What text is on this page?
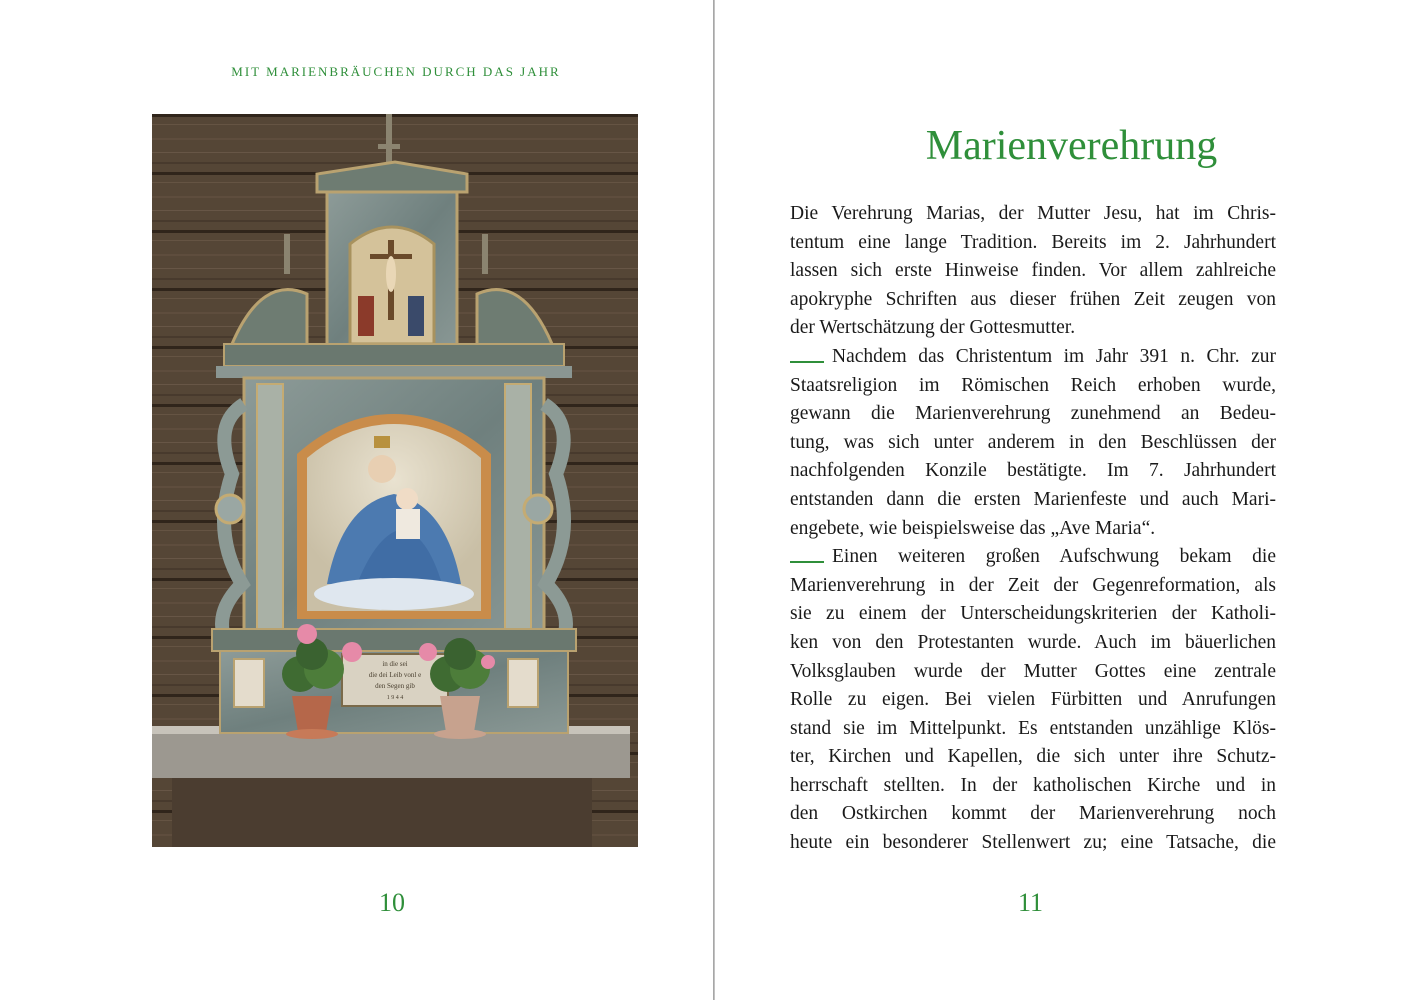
MIT MARIENBRÄUCHEN DURCH DAS JAHR
in die sei
die dei Leib vonl e
den Segen gib
1 9 4 4
10
Marienverehrung
Die Verehrung Marias, der Mutter Jesu, hat im Chris-
tentum eine lange Tradition. Bereits im 2. Jahrhundert
lassen sich erste Hinweise finden. Vor allem zahlreiche
apokryphe Schriften aus dieser frühen Zeit zeugen von
der Wertschätzung der Gottesmutter.
Nachdem das Christentum im Jahr 391 n. Chr. zur
Staatsreligion im Römischen Reich erhoben wurde,
gewann die Marienverehrung zunehmend an Bedeu-
tung, was sich unter anderem in den Beschlüssen der
nachfolgenden Konzile bestätigte. Im 7. Jahrhundert
entstanden dann die ersten Marienfeste und auch Mari-
engebete, wie beispielsweise das „Ave Maria“.
Einen weiteren großen Aufschwung bekam die
Marienverehrung in der Zeit der Gegenreformation, als
sie zu einem der Unterscheidungskriterien der Katholi-
ken von den Protestanten wurde. Auch im bäuerlichen
Volksglauben wurde der Mutter Gottes eine zentrale
Rolle zu eigen. Bei vielen Fürbitten und Anrufungen
stand sie im Mittelpunkt. Es entstanden unzählige Klös-
ter, Kirchen und Kapellen, die sich unter ihre Schutz-
herrschaft stellten. In der katholischen Kirche und in
den Ostkirchen kommt der Marienverehrung noch
heute ein besonderer Stellenwert zu; eine Tatsache, die
11
